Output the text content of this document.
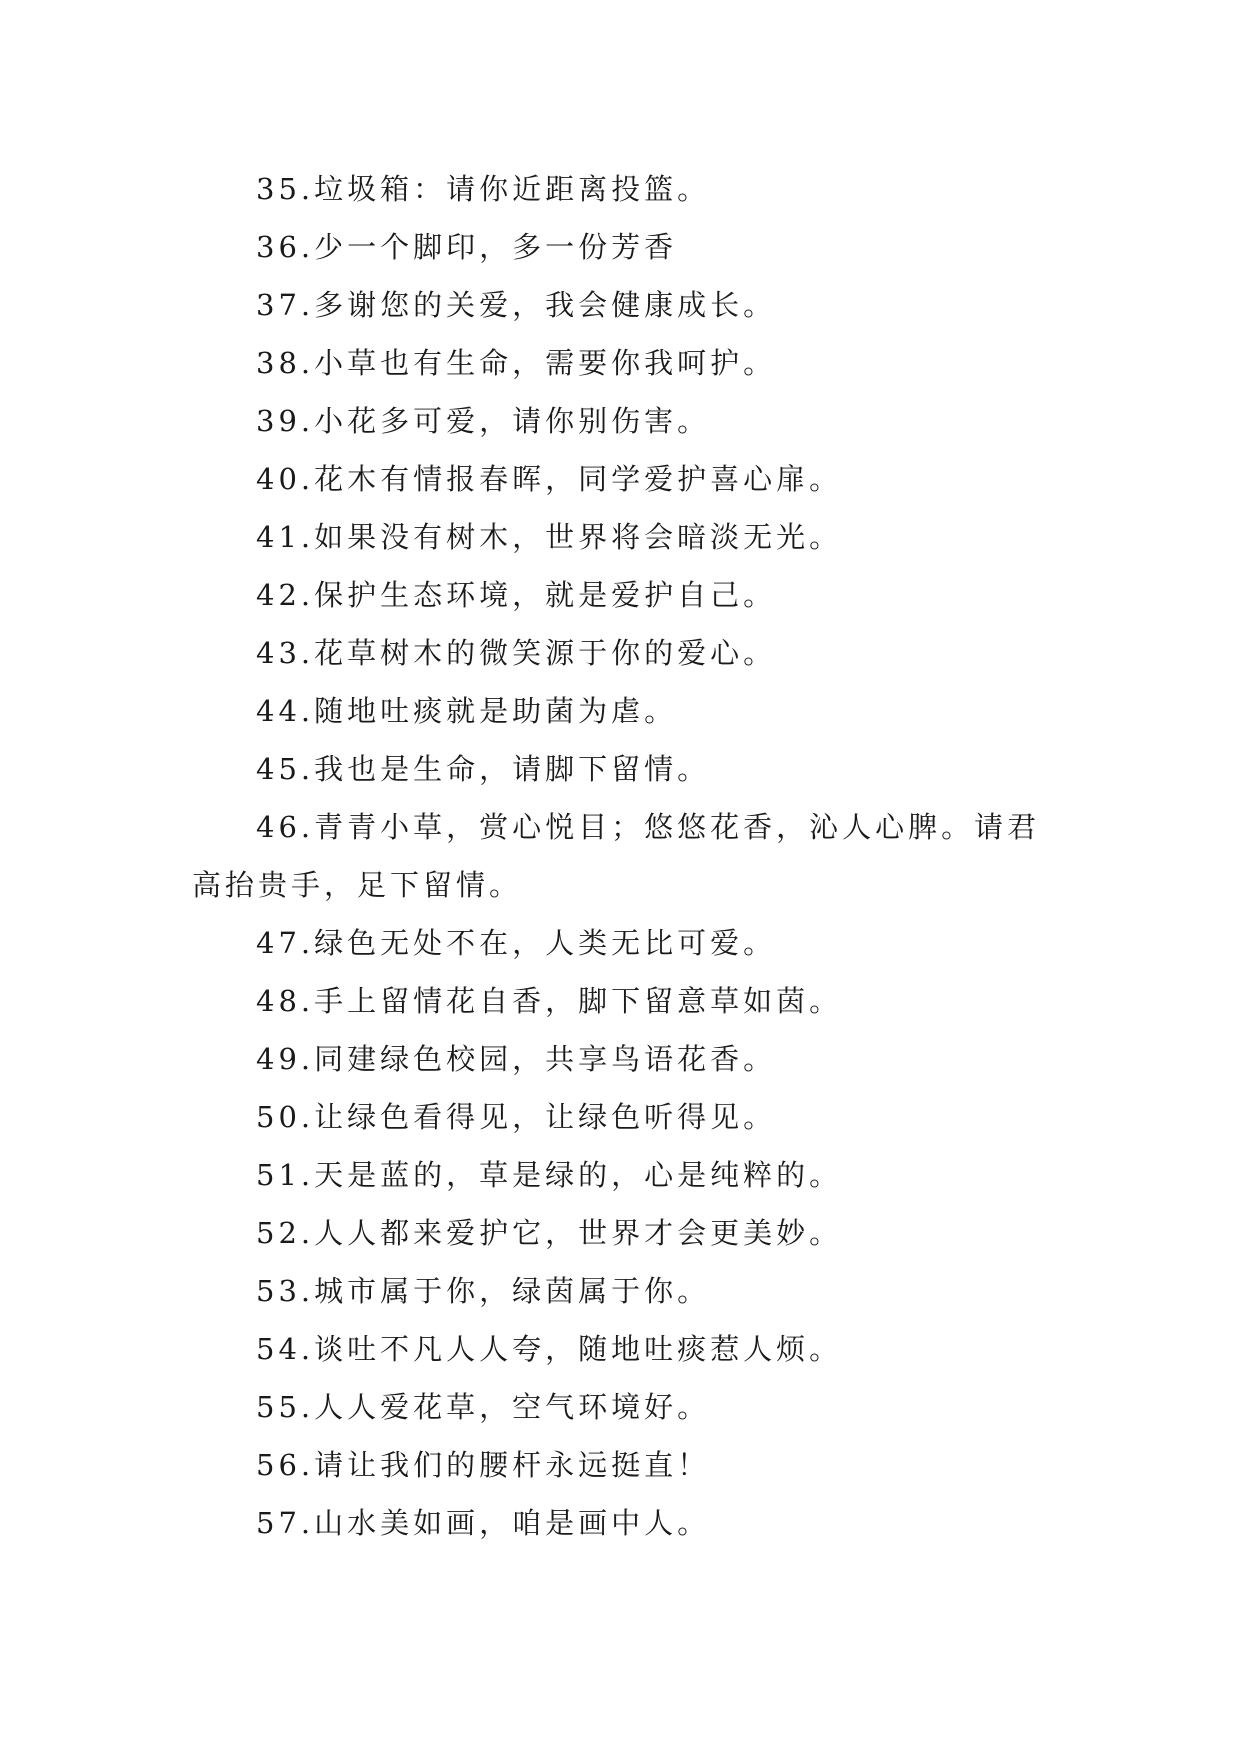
35.垃圾箱：请你近距离投篮。
36.少一个脚印，多一份芳香
37.多谢您的关爱，我会健康成长。
38.小草也有生命，需要你我呵护。
39.小花多可爱，请你别伤害。
40.花木有情报春晖，同学爱护喜心扉。
41.如果没有树木，世界将会暗淡无光。
42.保护生态环境，就是爱护自己。
43.花草树木的微笑源于你的爱心。
44.随地吐痰就是助菌为虐。
45.我也是生命，请脚下留情。
46.青青小草，赏心悦目；悠悠花香，沁人心脾。请君
高抬贵手，足下留情。
47.绿色无处不在，人类无比可爱。
48.手上留情花自香，脚下留意草如茵。
49.同建绿色校园，共享鸟语花香。
50.让绿色看得见，让绿色听得见。
51.天是蓝的，草是绿的，心是纯粹的。
52.人人都来爱护它，世界才会更美妙。
53.城市属于你，绿茵属于你。
54.谈吐不凡人人夸，随地吐痰惹人烦。
55.人人爱花草，空气环境好。
56.请让我们的腰杆永远挺直！
57.山水美如画，咱是画中人。
